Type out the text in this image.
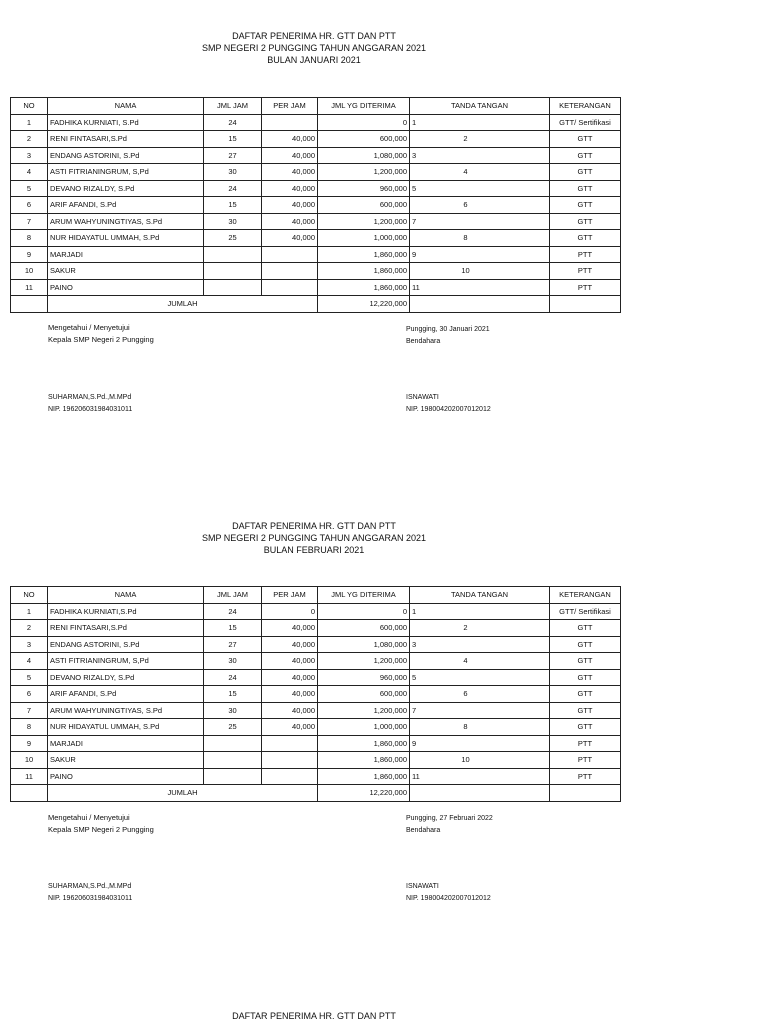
DAFTAR PENERIMA HR. GTT DAN PTT
SMP NEGERI 2 PUNGGING TAHUN ANGGARAN 2021
BULAN JANUARI 2021
NO	NAMA	JML JAM	PER JAM	JML YG DITERIMA	TANDA TANGAN	KETERANGAN
1	FADHIKA KURNIATI, S.Pd	24		0	1	GTT/ Sertifikasi
2	RENI FINTASARI,S.Pd	15	40,000	600,000	2	GTT
3	ENDANG ASTORINI, S.Pd	27	40,000	1,080,000	3	GTT
4	ASTI FITRIANINGRUM, S,Pd	30	40,000	1,200,000	4	GTT
5	DEVANO RIZALDY, S.Pd	24	40,000	960,000	5	GTT
6	ARIF AFANDI, S.Pd	15	40,000	600,000	6	GTT
7	ARUM WAHYUNINGTIYAS, S.Pd	30	40,000	1,200,000	7	GTT
8	NUR HIDAYATUL UMMAH, S.Pd	25	40,000	1,000,000	8	GTT
9	MARJADI			1,860,000	9	PTT
10	SAKUR			1,860,000	10	PTT
11	PAINO			1,860,000	11	PTT
	JUMLAH			12,220,000		
Mengetahui / Menyetujui
Kepala SMP Negeri 2 Pungging
Pungging, 30 Januari 2021
Bendahara
SUHARMAN,S.Pd.,M.MPd
NIP. 196206031984031011
ISNAWATI
NIP. 198004202007012012
DAFTAR PENERIMA HR. GTT DAN PTT
SMP NEGERI 2 PUNGGING TAHUN ANGGARAN 2021
BULAN FEBRUARI 2021
NO	NAMA	JML JAM	PER JAM	JML YG DITERIMA	TANDA TANGAN	KETERANGAN
1	FADHIKA KURNIATI,S.Pd	24	0	0	1	GTT/ Sertifikasi
2	RENI FINTASARI,S.Pd	15	40,000	600,000	2	GTT
3	ENDANG ASTORINI, S.Pd	27	40,000	1,080,000	3	GTT
4	ASTI FITRIANINGRUM, S,Pd	30	40,000	1,200,000	4	GTT
5	DEVANO RIZALDY, S.Pd	24	40,000	960,000	5	GTT
6	ARIF AFANDI, S.Pd	15	40,000	600,000	6	GTT
7	ARUM WAHYUNINGTIYAS, S.Pd	30	40,000	1,200,000	7	GTT
8	NUR HIDAYATUL UMMAH, S.Pd	25	40,000	1,000,000	8	GTT
9	MARJADI			1,860,000	9	PTT
10	SAKUR			1,860,000	10	PTT
11	PAINO			1,860,000	11	PTT
	JUMLAH			12,220,000		
Mengetahui / Menyetujui
Kepala SMP Negeri 2 Pungging
Pungging, 27 Februari 2022
Bendahara
SUHARMAN,S.Pd.,M.MPd
NIP. 196206031984031011
ISNAWATI
NIP. 198004202007012012
DAFTAR PENERIMA HR. GTT DAN PTT
